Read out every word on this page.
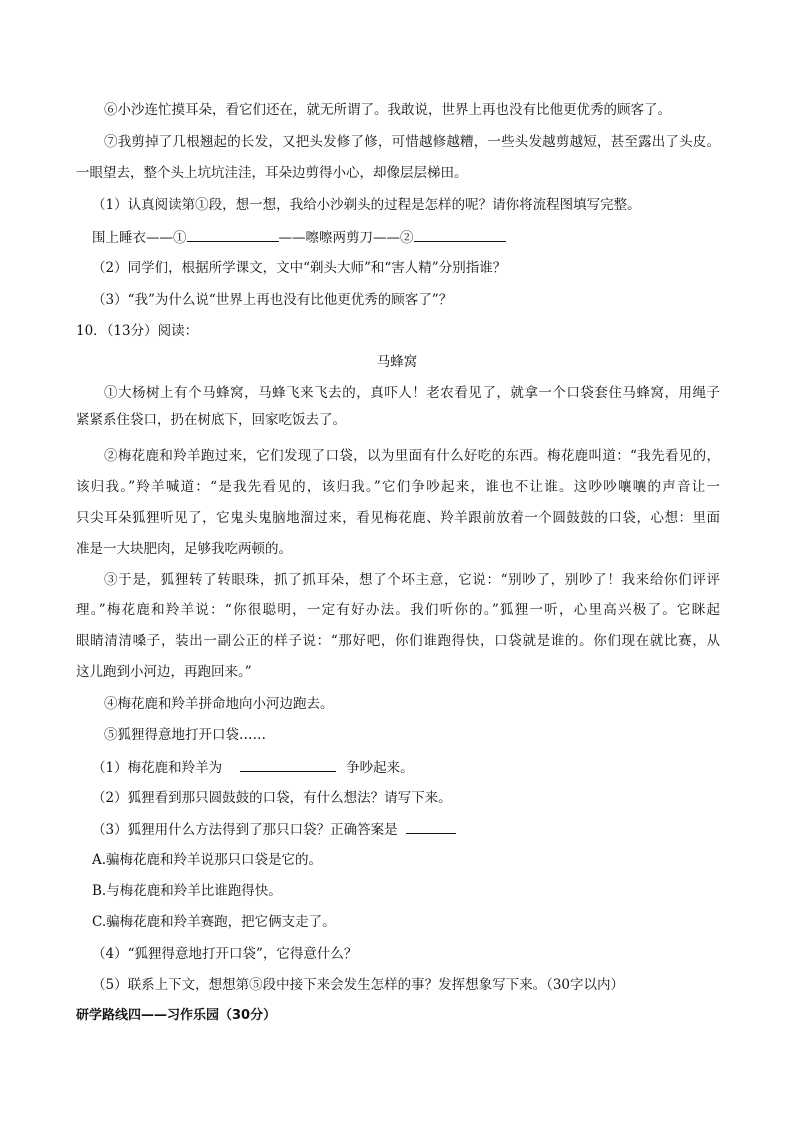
⑥小沙连忙摸耳朵，看它们还在，就无所谓了。我敢说，世界上再也没有比他更优秀的顾客了。
⑦我剪掉了几根翘起的长发，又把头发修了修，可惜越修越糟，一些头发越剪越短，甚至露出了头皮。
一眼望去，整个头上坑坑洼洼，耳朵边剪得小心，却像层层梯田。
（1）认真阅读第①段，想一想，我给小沙剃头的过程是怎样的呢？请你将流程图填写完整。
围上睡衣——①	——嚓嚓两剪刀——②
（2）同学们，根据所学课文，文中“剃头大师”和“害人精”分别指谁？
（3）“我”为什么说“世界上再也没有比他更优秀的顾客了”？
10．（13分）阅读：
马蜂窝
①大杨树上有个马蜂窝，马蜂飞来飞去的，真吓人！老农看见了，就拿一个口袋套住马蜂窝，用绳子
紧紧系住袋口，扔在树底下，回家吃饭去了。
②梅花鹿和羚羊跑过来，它们发现了口袋，以为里面有什么好吃的东西。梅花鹿叫道：“我先看见的，
该归我。”羚羊喊道：“是我先看见的，该归我。”它们争吵起来，谁也不让谁。这吵吵嚷嚷的声音让一
只尖耳朵狐狸听见了，它鬼头鬼脑地溜过来，看见梅花鹿、羚羊跟前放着一个圆鼓鼓的口袋，心想：里面
准是一大块肥肉，足够我吃两顿的。
③于是，狐狸转了转眼珠，抓了抓耳朵，想了个坏主意，它说：“别吵了，别吵了！我来给你们评评
理。”梅花鹿和羚羊说：“你很聪明，一定有好办法。我们听你的。”狐狸一听，心里高兴极了。它眯起
眼睛清清嗓子，装出一副公正的样子说：“那好吧，你们谁跑得快，口袋就是谁的。你们现在就比赛，从
这儿跑到小河边，再跑回来。”
④梅花鹿和羚羊拼命地向小河边跑去。
⑤狐狸得意地打开口袋……
（1）梅花鹿和羚羊为	争吵起来。
（2）狐狸看到那只圆鼓鼓的口袋，有什么想法？请写下来。
（3）狐狸用什么方法得到了那只口袋？正确答案是
A.骗梅花鹿和羚羊说那只口袋是它的。
B.与梅花鹿和羚羊比谁跑得快。
C.骗梅花鹿和羚羊赛跑，把它俩支走了。
（4）“狐狸得意地打开口袋”，它得意什么？
（5）联系上下文，想想第⑤段中接下来会发生怎样的事？发挥想象写下来。（30字以内）
研学路线四——习作乐园（30分）
